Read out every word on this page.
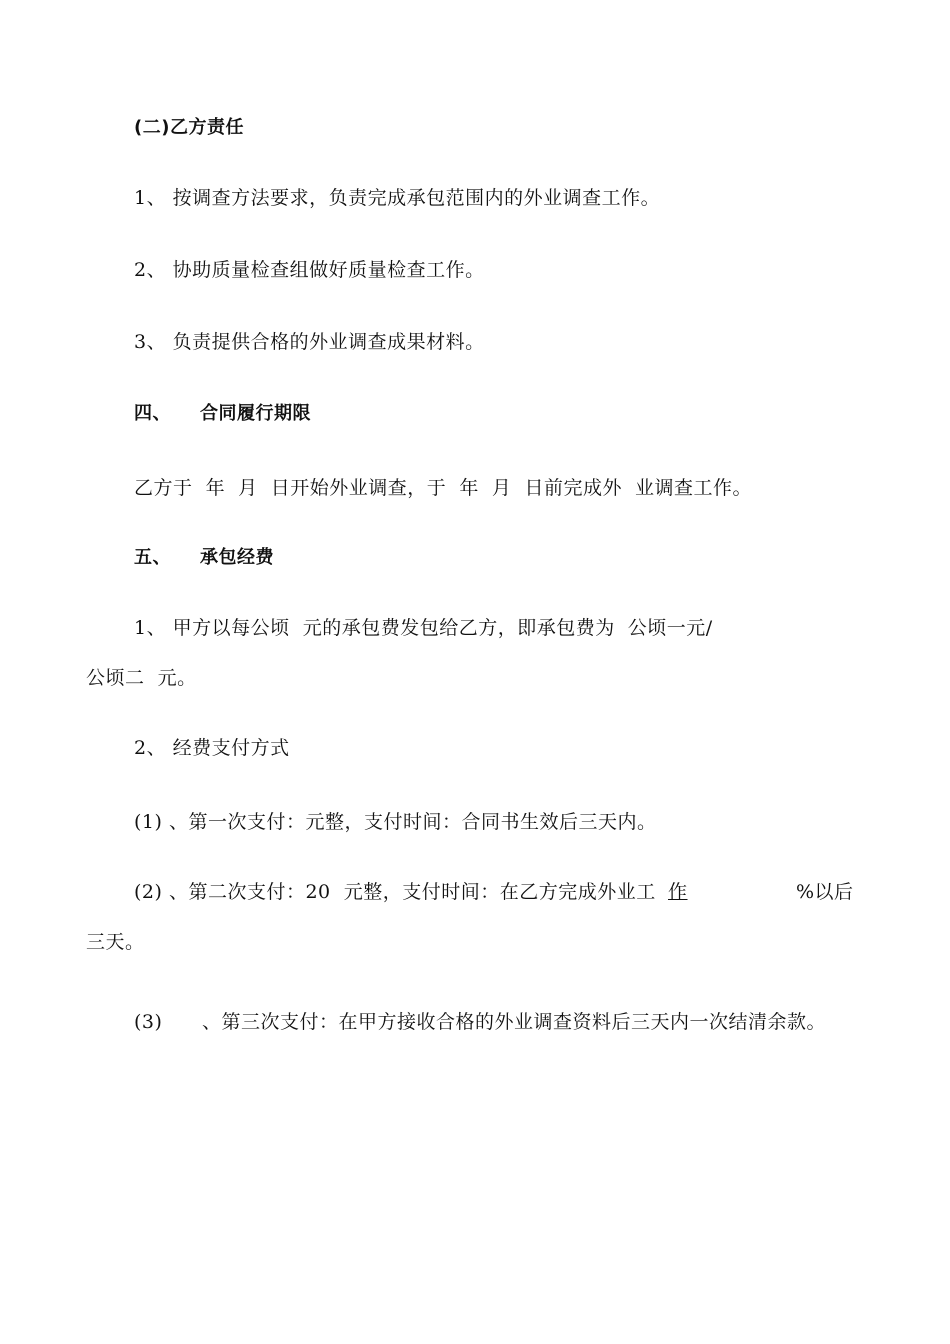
(二)乙方责任
1、 按调查方法要求，负责完成承包范围内的外业调查工作。
2、 协助质量检查组做好质量检查工作。
3、 负责提供合格的外业调查成果材料。
四、 合同履行期限
乙方于  年  月  日开始外业调查，于  年  月  日前完成外  业调查工作。
五、 承包经费
1、 甲方以每公顷  元的承包费发包给乙方，即承包费为  公顷一元/
公顷二  元。
2、 经费支付方式
(1) 、第一次支付：元整，支付时间：合同书生效后三天内。
(2) 、第二次支付：20  元整，支付时间：在乙方完成外业工 作	%以后
三天。
(3) 、第三次支付：在甲方接收合格的外业调查资料后三天内一次结清余款。
